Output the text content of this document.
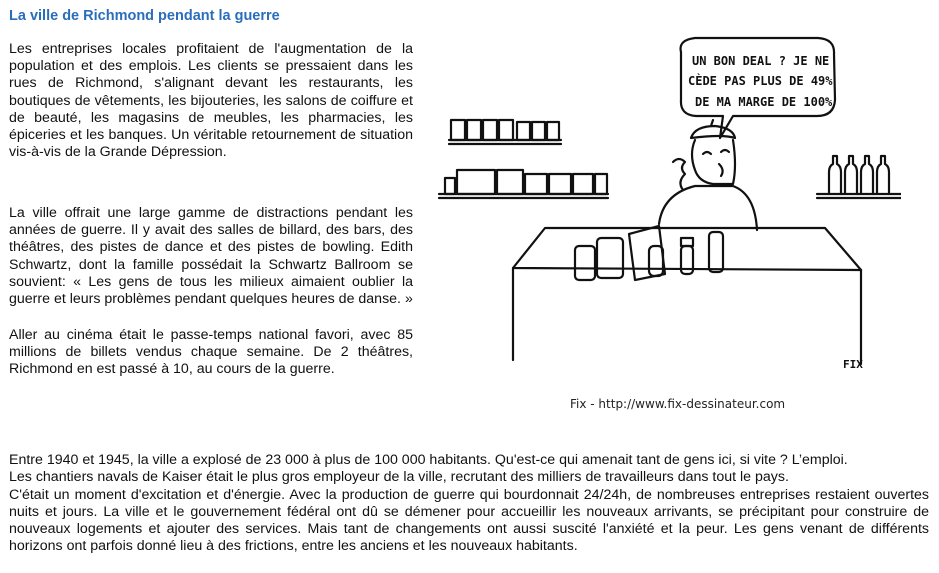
La ville de Richmond pendant la guerre

Les entreprises locales profitaient de l'augmentation de la population et des emplois. Les clients se pressaient dans les rues de Richmond, s'alignant devant les restaurants, les boutiques de vêtements, les bijouteries, les salons de coiffure et de beauté, les magasins de meubles, les pharmacies, les épiceries et les banques. Un véritable retournement de situation vis-à-vis de la Grande Dépression.

La ville offrait une large gamme de distractions pendant les années de guerre. Il y avait des salles de billard, des bars, des théâtres, des pistes de dance et des pistes de bowling. Edith Schwartz, dont la famille possédait la Schwartz Ballroom se souvient: « Les gens de tous les milieux aimaient oublier la guerre et leurs problèmes pendant quelques heures de danse. »

Aller au cinéma était le passe-temps national favori, avec 85 millions de billets vendus chaque semaine. De 2 théâtres, Richmond en est passé à 10, au cours de la guerre.

UN BON DEAL ? JE NE
CÈDE PAS PLUS DE 49%
DE MA MARGE DE 100%
FIX
Fix - http://www.fix-dessinateur.com
Entre 1940 et 1945, la ville a explosé de 23 000 à plus de 100 000 habitants. Qu'est-ce qui amenait tant de gens ici, si vite ? L’emploi.
Les chantiers navals de Kaiser était le plus gros employeur de la ville, recrutant des milliers de travailleurs dans tout le pays.
C'était un moment d'excitation et d'énergie. Avec la production de guerre qui bourdonnait 24/24h, de nombreuses entreprises restaient ouvertes nuits et jours. La ville et le gouvernement fédéral ont dû se démener pour accueillir les nouveaux arrivants, se précipitant pour construire de nouveaux logements et ajouter des services. Mais tant de changements ont aussi suscité l'anxiété et la peur. Les gens venant de différents horizons ont parfois donné lieu à des frictions, entre les anciens et les nouveaux habitants.
